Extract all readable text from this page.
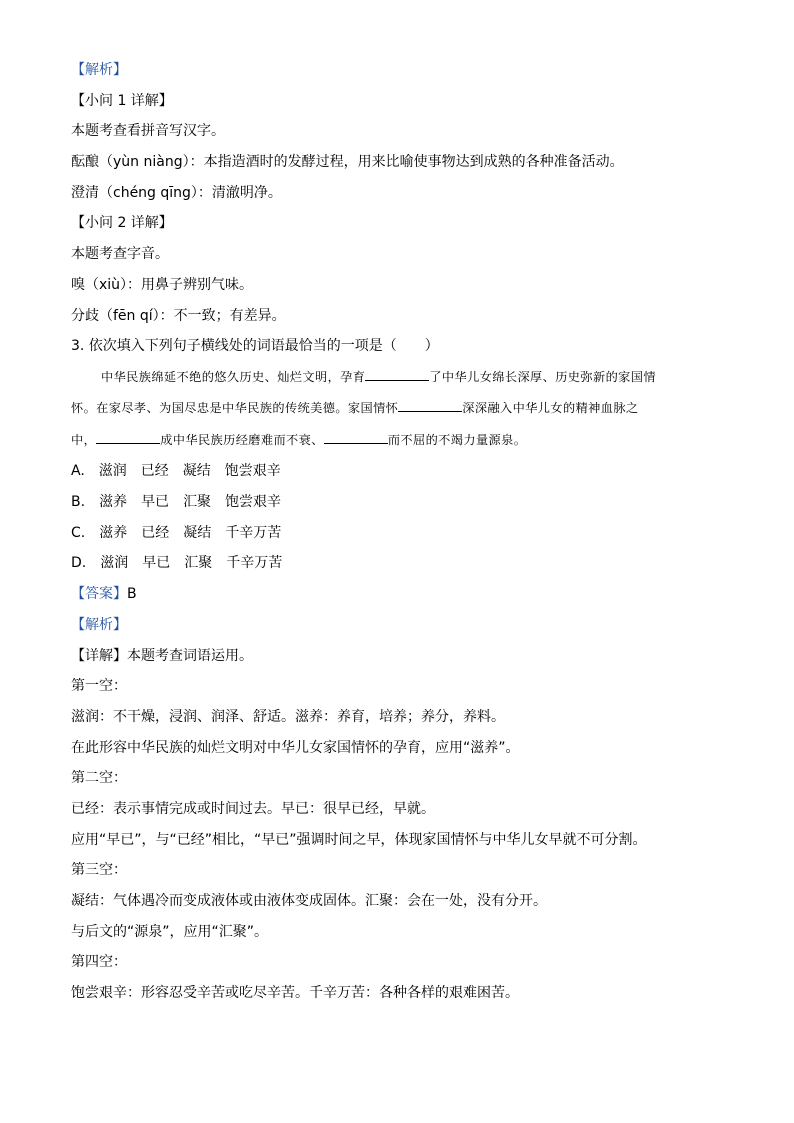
【解析】
【小问 1 详解】
本题考查看拼音写汉字。
酝酿（yùn niàng）：本指造酒时的发酵过程，用来比喻使事物达到成熟的各种准备活动。
澄清（chéng qīng）：清澈明净。
【小问 2 详解】
本题考查字音。
嗅（xiù）：用鼻子辨别气味。
分歧（fēn qí）：不一致；有差异。
3. 依次填入下列句子横线处的词语最恰当的一项是（　　）
中华民族绵延不绝的悠久历史、灿烂文明，孕育	了中华儿女绵长深厚、历史弥新的家国情
怀。在家尽孝、为国尽忠是中华民族的传统美德。家国情怀	深深融入中华儿女的精神血脉之
中，	成中华民族历经磨难而不衰、	而不屈的不竭力量源泉。
A. 滋润 已经 凝结 饱尝艰辛
B. 滋养 早已 汇聚 饱尝艰辛
C. 滋养 已经 凝结 千辛万苦
D. 滋润 早已 汇聚 千辛万苦
【答案】B
【解析】
【详解】本题考查词语运用。
第一空：
滋润：不干燥，浸润、润泽、舒适。滋养：养育，培养；养分，养料。
在此形容中华民族的灿烂文明对中华儿女家国情怀的孕育，应用“滋养”。
第二空：
已经：表示事情完成或时间过去。早已：很早已经，早就。
应用“早已”，与“已经”相比，“早已”强调时间之早，体现家国情怀与中华儿女早就不可分割。
第三空：
凝结：气体遇冷而变成液体或由液体变成固体。汇聚：会在一处，没有分开。
与后文的“源泉”，应用“汇聚”。
第四空：
饱尝艰辛：形容忍受辛苦或吃尽辛苦。千辛万苦：各种各样的艰难困苦。
